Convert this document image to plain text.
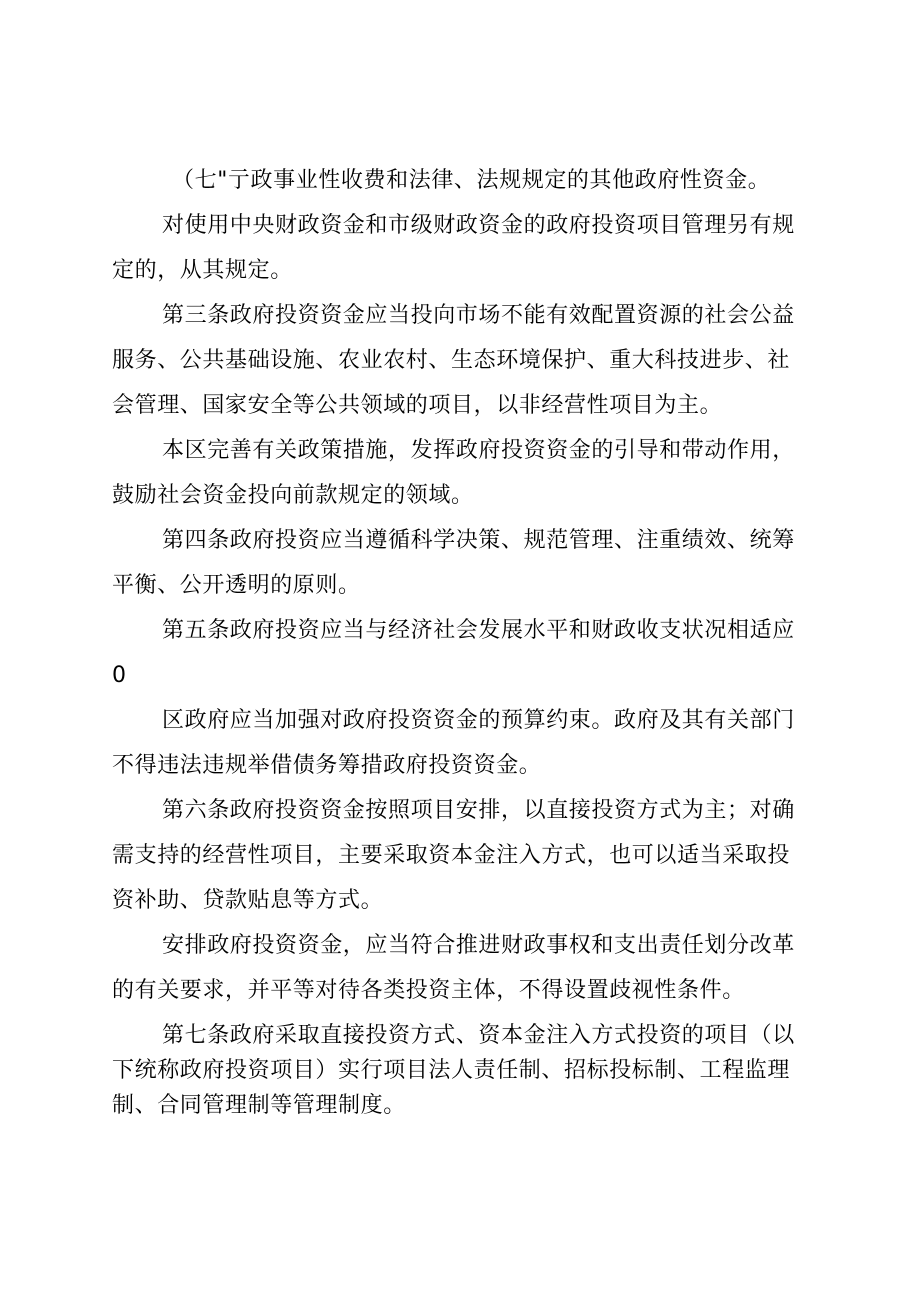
（七"亍政事业性收费和法律、法规规定的其他政府性资金。
对使用中央财政资金和市级财政资金的政府投资项目管理另有规
定的，从其规定。
第三条政府投资资金应当投向市场不能有效配置资源的社会公益
服务、公共基础设施、农业农村、生态环境保护、重大科技进步、社
会管理、国家安全等公共领域的项目，以非经营性项目为主。
本区完善有关政策措施，发挥政府投资资金的引导和带动作用，
鼓励社会资金投向前款规定的领域。
第四条政府投资应当遵循科学决策、规范管理、注重绩效、统筹
平衡、公开透明的原则。
第五条政府投资应当与经济社会发展水平和财政收支状况相适应
0
区政府应当加强对政府投资资金的预算约束。政府及其有关部门
不得违法违规举借债务筹措政府投资资金。
第六条政府投资资金按照项目安排，以直接投资方式为主；对确
需支持的经营性项目，主要采取资本金注入方式，也可以适当采取投
资补助、贷款贴息等方式。
安排政府投资资金，应当符合推进财政事权和支出责任划分改革
的有关要求，并平等对待各类投资主体，不得设置歧视性条件。
第七条政府采取直接投资方式、资本金注入方式投资的项目（以
下统称政府投资项目）实行项目法人责任制、招标投标制、工程监理
制、合同管理制等管理制度。
